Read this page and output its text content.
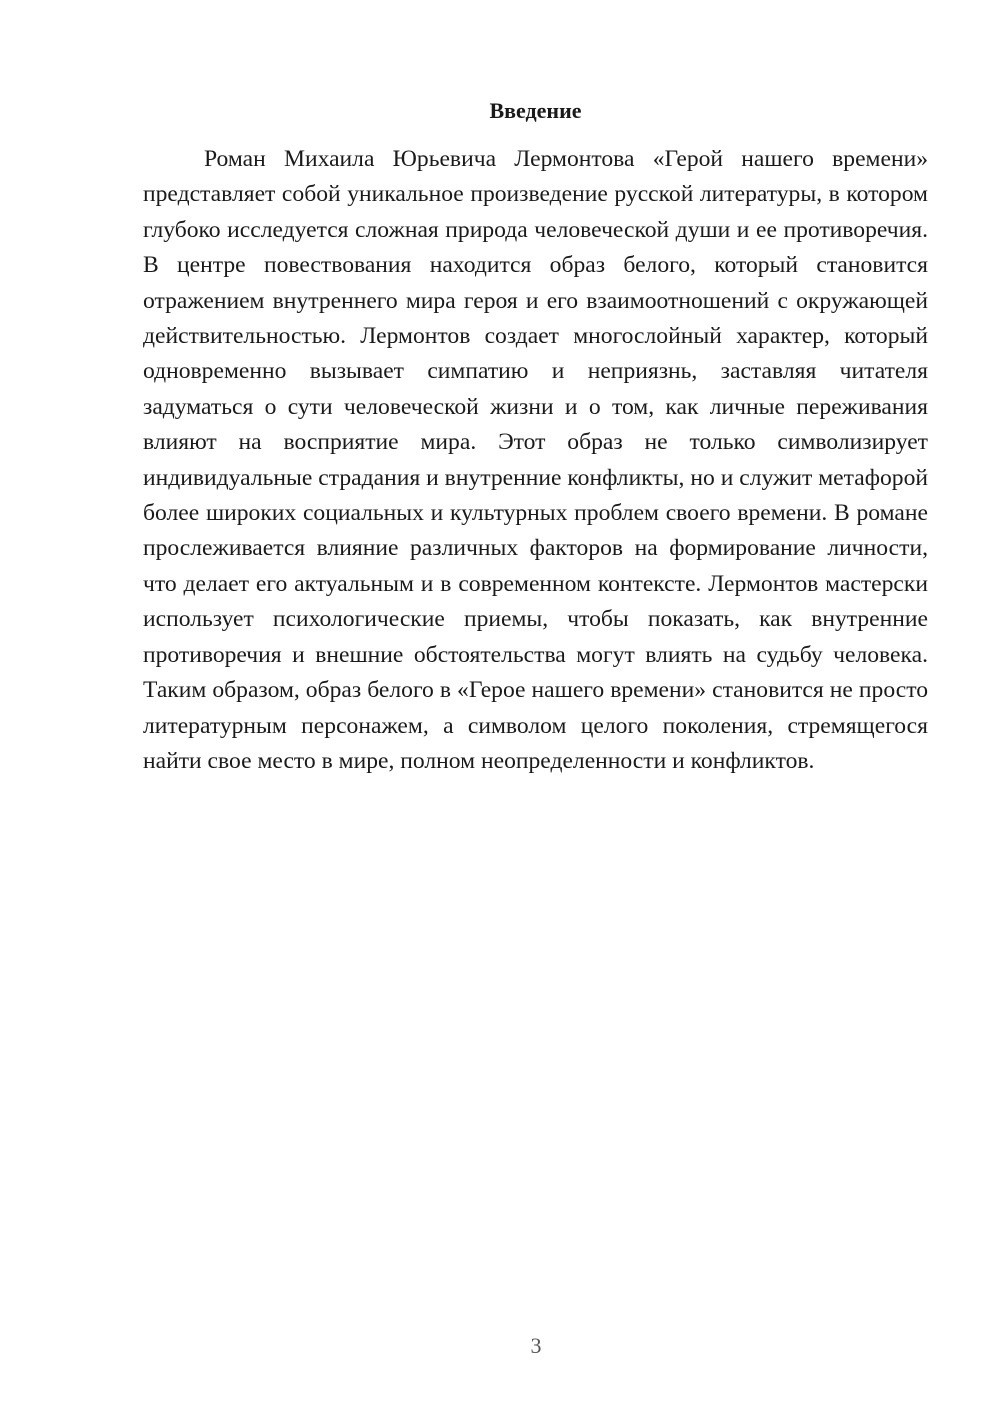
Введение

Роман Михаила Юрьевича Лермонтова «Герой нашего времени» представляет собой уникальное произведение русской литературы, в котором глубоко исследуется сложная природа человеческой души и ее противоречия. В центре повествования находится образ белого, который становится отражением внутреннего мира героя и его взаимоотношений с окружающей действительностью. Лермонтов создает многослойный характер, который одновременно вызывает симпатию и неприязнь, заставляя читателя задуматься о сути человеческой жизни и о том, как личные переживания влияют на восприятие мира. Этот образ не только символизирует индивидуальные страдания и внутренние конфликты, но и служит метафорой более широких социальных и культурных проблем своего времени. В романе прослеживается влияние различных факторов на формирование личности, что делает его актуальным и в современном контексте. Лермонтов мастерски использует психологические приемы, чтобы показать, как внутренние противоречия и внешние обстоятельства могут влиять на судьбу человека. Таким образом, образ белого в «Герое нашего времени» становится не просто литературным персонажем, а символом целого поколения, стремящегося найти свое место в мире, полном неопределенности и конфликтов.

3
